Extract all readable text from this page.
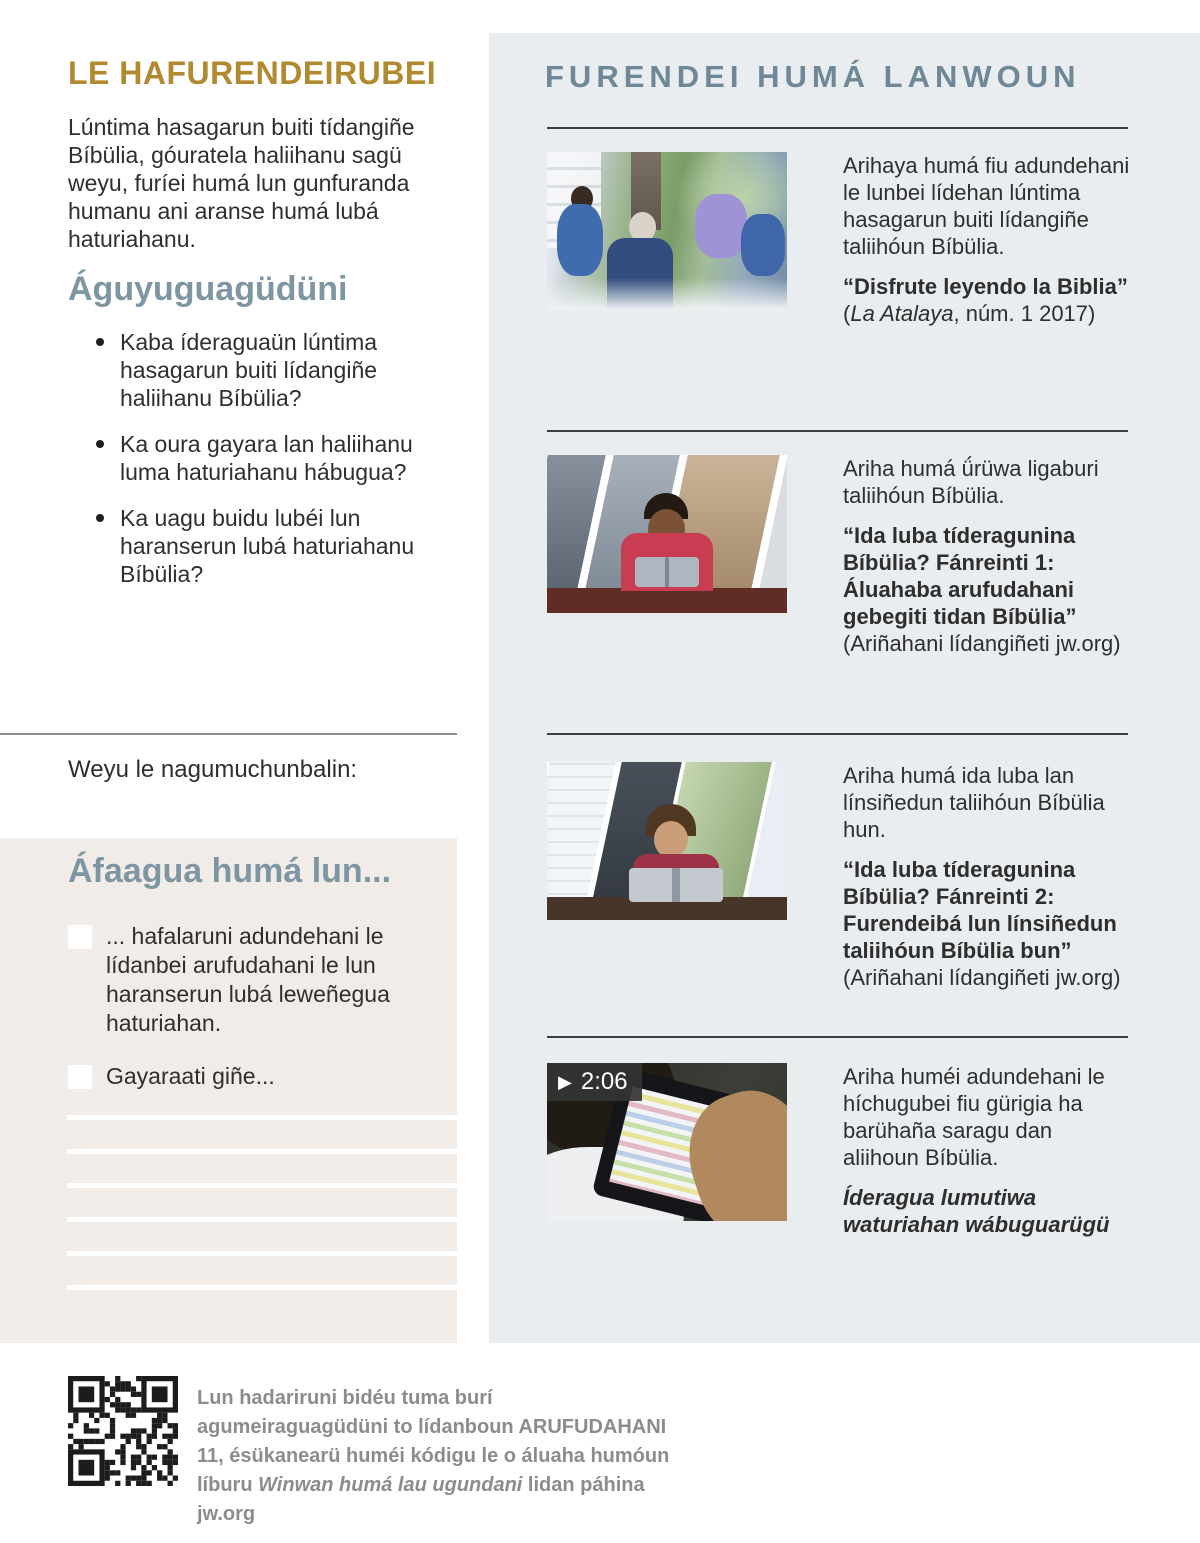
LE HAFURENDEIRUBEI

Lúntima hasagarun buiti tídangiñe Bíbülia, góuratela haliihanu sagü weyu, furíei humá lun gunfuranda humanu ani aranse humá lubá haturiahanu.

Águyuguagüdüni
Kaba íderaguaün lúntima hasagarun buiti lídangiñe haliihanu Bíbülia?
Ka oura gayara lan haliihanu luma haturiahanu hábugua?
Ka uagu buidu lubéi lun haranserun lubá haturiahanu Bíbülia?
Weyu le nagumuchunbalin:
Áfaagua humá lun...
... hafalaruni adundehani le lídanbei arufudahani le lun haranserun lubá leweñegua haturiahan.
Gayaraati giñe...
FURENDEI HUMÁ LANWOUN

Arihaya humá fiu adundehani le lunbei lídehan lúntima hasagarun buiti lídangiñe taliihóun Bíbülia.

“Disfrute leyendo la Biblia”
(La Atalaya, núm. 1 2017)

Ariha humá ǘrüwa ligaburi taliihóun Bíbülia.

“Ida luba tíderagunina Bíbülia? Fánreinti 1: Áluahaba arufudahani gebegiti tidan Bíbülia” (Ariñahani lídangiñeti jw.org)

Ariha humá ida luba lan línsiñedun taliihóun Bíbülia hun.

“Ida luba tíderagunina Bíbülia? Fánreinti 2: Furendeibá lun línsiñedun taliihóun Bíbülia bun”
(Ariñahani lídangiñeti jw.org)

▶ 2:06	Ariha huméi adundehani le híchugubei fiu gürigia ha barühaña saragu dan aliihoun Bíbülia.

Íderagua lumutiwa waturiahan wábuguarügü

Lun hadariruni bidéu tuma burí agumeiraguagüdüni to lídanboun ARUFUDAHANI 11, ésükanearü huméi kódigu le o áluaha humóun líburu Winwan humá lau ugundani lidan páhina jw.org
